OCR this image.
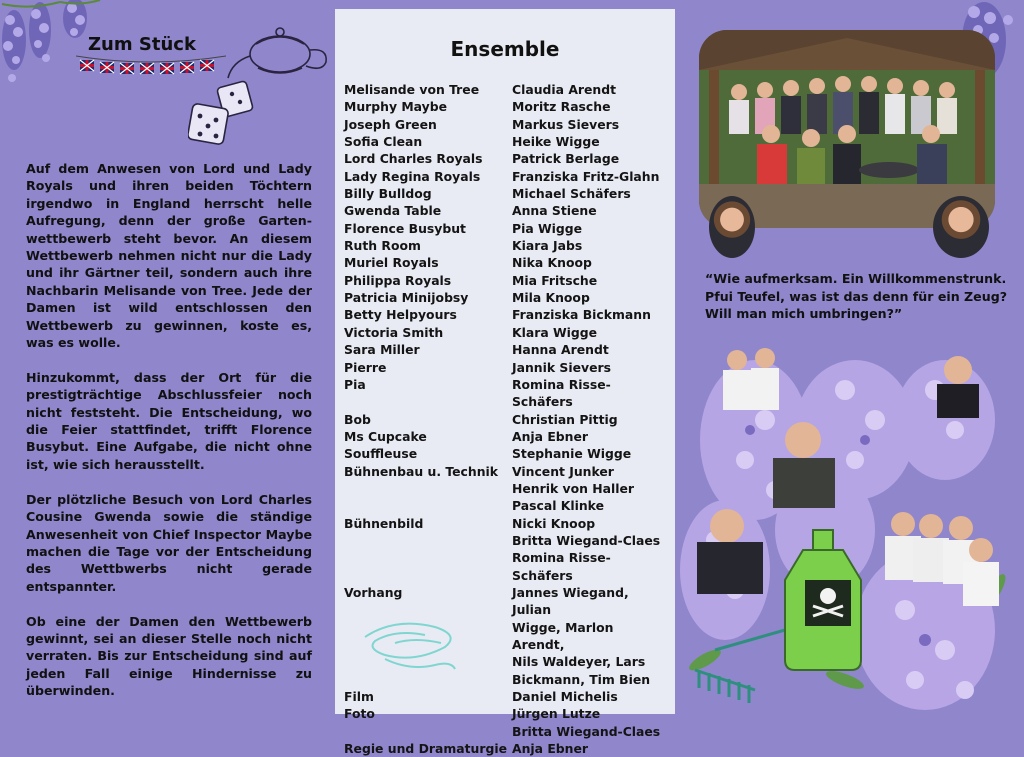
Zum Stück

Auf dem Anwesen von Lord und Lady Royals und ihren beiden Töchtern irgendwo in England herrscht helle Aufregung, denn der große Garten-wettbewerb steht bevor. An diesem Wettbewerb nehmen nicht nur die Lady und ihr Gärtner teil, sondern auch ihre Nachbarin Melisande von Tree. Jede der Damen ist wild entschlossen den Wettbewerb zu gewinnen, koste es, was es wolle.

Hinzukommt, dass der Ort für die prestigträchtige Abschlussfeier noch nicht feststeht. Die Entscheidung, wo die Feier stattfindet, trifft Florence Busybut. Eine Aufgabe, die nicht ohne ist, wie sich herausstellt.

Der plötzliche Besuch von Lord Charles Cousine Gwenda sowie die ständige Anwesenheit von Chief Inspector Maybe machen die Tage vor der Entscheidung des Wettbwerbs nicht gerade entspannter.

Ob eine der Damen den Wettbewerb gewinnt, sei an dieser Stelle noch nicht verraten. Bis zur Entscheidung sind auf jeden Fall einige Hindernisse zu überwinden.

Ensemble
Melisande von Tree	Claudia Arendt
Murphy Maybe	Moritz Rasche
Joseph Green	Markus Sievers
Sofia Clean	Heike Wigge
Lord Charles Royals	Patrick Berlage
Lady Regina Royals	Franziska Fritz-Glahn
Billy Bulldog	Michael Schäfers
Gwenda Table	Anna Stiene
Florence Busybut	Pia Wigge
Ruth Room	Kiara Jabs
Muriel Royals	Nika Knoop
Philippa Royals	Mia Fritsche
Patricia Minijobsy	Mila Knoop
Betty Helpyours	Franziska Bickmann
Victoria Smith	Klara Wigge
Sara Miller	Hanna Arendt
Pierre	Jannik Sievers
Pia	Romina Risse-Schäfers
Bob	Christian Pittig
Ms Cupcake	Anja Ebner
Souffleuse	Stephanie Wigge
Bühnenbau u. Technik	Vincent Junker
	Henrik von Haller
	Pascal Klinke
Bühnenbild	Nicki Knoop
	Britta Wiegand-Claes
	Romina Risse-Schäfers
Vorhang	Jannes Wiegand, Julian
	Wigge, Marlon Arendt,
	Nils Waldeyer, Lars
	Bickmann, Tim Bien
Film	Daniel Michelis
Foto	Jürgen Lutze
	Britta Wiegand-Claes
Regie und Dramaturgie	Anja Ebner
“Wie aufmerksam. Ein Willkommenstrunk. Pfui Teufel, was ist das denn für ein Zeug? Will man mich umbringen?”
